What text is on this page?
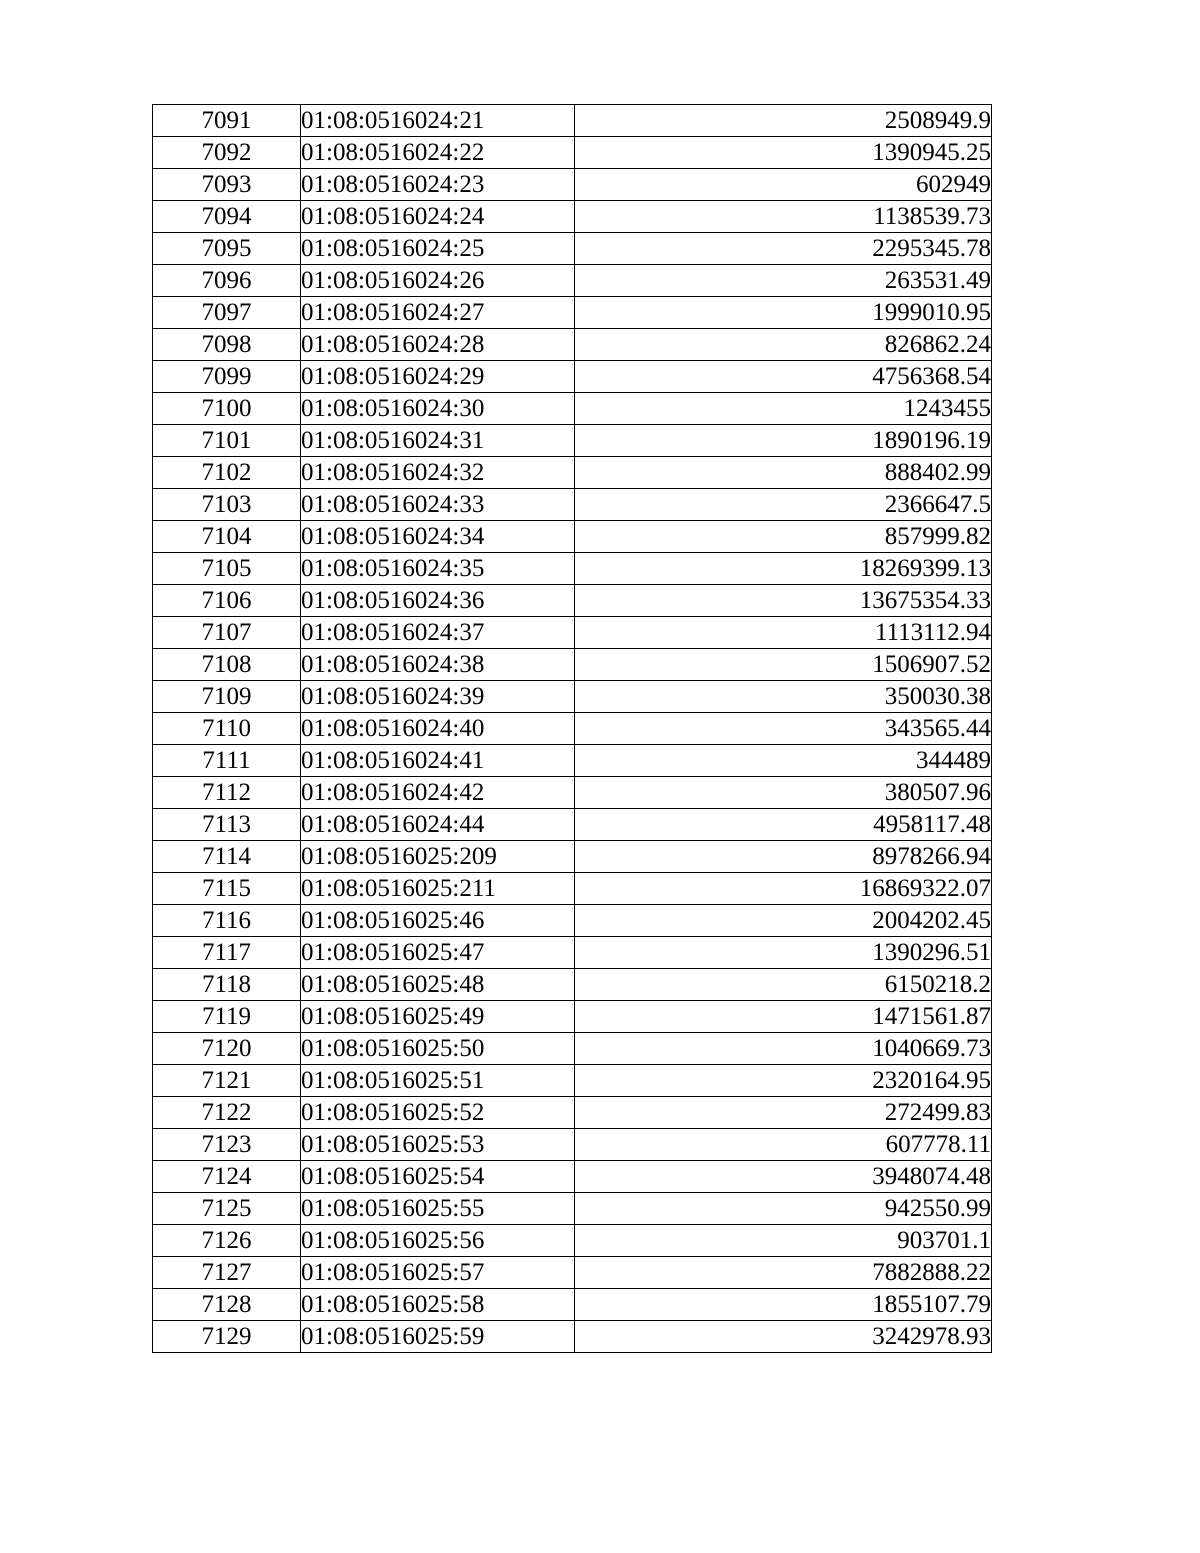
7091	01:08:0516024:21	2508949.9
7092	01:08:0516024:22	1390945.25
7093	01:08:0516024:23	602949
7094	01:08:0516024:24	1138539.73
7095	01:08:0516024:25	2295345.78
7096	01:08:0516024:26	263531.49
7097	01:08:0516024:27	1999010.95
7098	01:08:0516024:28	826862.24
7099	01:08:0516024:29	4756368.54
7100	01:08:0516024:30	1243455
7101	01:08:0516024:31	1890196.19
7102	01:08:0516024:32	888402.99
7103	01:08:0516024:33	2366647.5
7104	01:08:0516024:34	857999.82
7105	01:08:0516024:35	18269399.13
7106	01:08:0516024:36	13675354.33
7107	01:08:0516024:37	1113112.94
7108	01:08:0516024:38	1506907.52
7109	01:08:0516024:39	350030.38
7110	01:08:0516024:40	343565.44
7111	01:08:0516024:41	344489
7112	01:08:0516024:42	380507.96
7113	01:08:0516024:44	4958117.48
7114	01:08:0516025:209	8978266.94
7115	01:08:0516025:211	16869322.07
7116	01:08:0516025:46	2004202.45
7117	01:08:0516025:47	1390296.51
7118	01:08:0516025:48	6150218.2
7119	01:08:0516025:49	1471561.87
7120	01:08:0516025:50	1040669.73
7121	01:08:0516025:51	2320164.95
7122	01:08:0516025:52	272499.83
7123	01:08:0516025:53	607778.11
7124	01:08:0516025:54	3948074.48
7125	01:08:0516025:55	942550.99
7126	01:08:0516025:56	903701.1
7127	01:08:0516025:57	7882888.22
7128	01:08:0516025:58	1855107.79
7129	01:08:0516025:59	3242978.93
